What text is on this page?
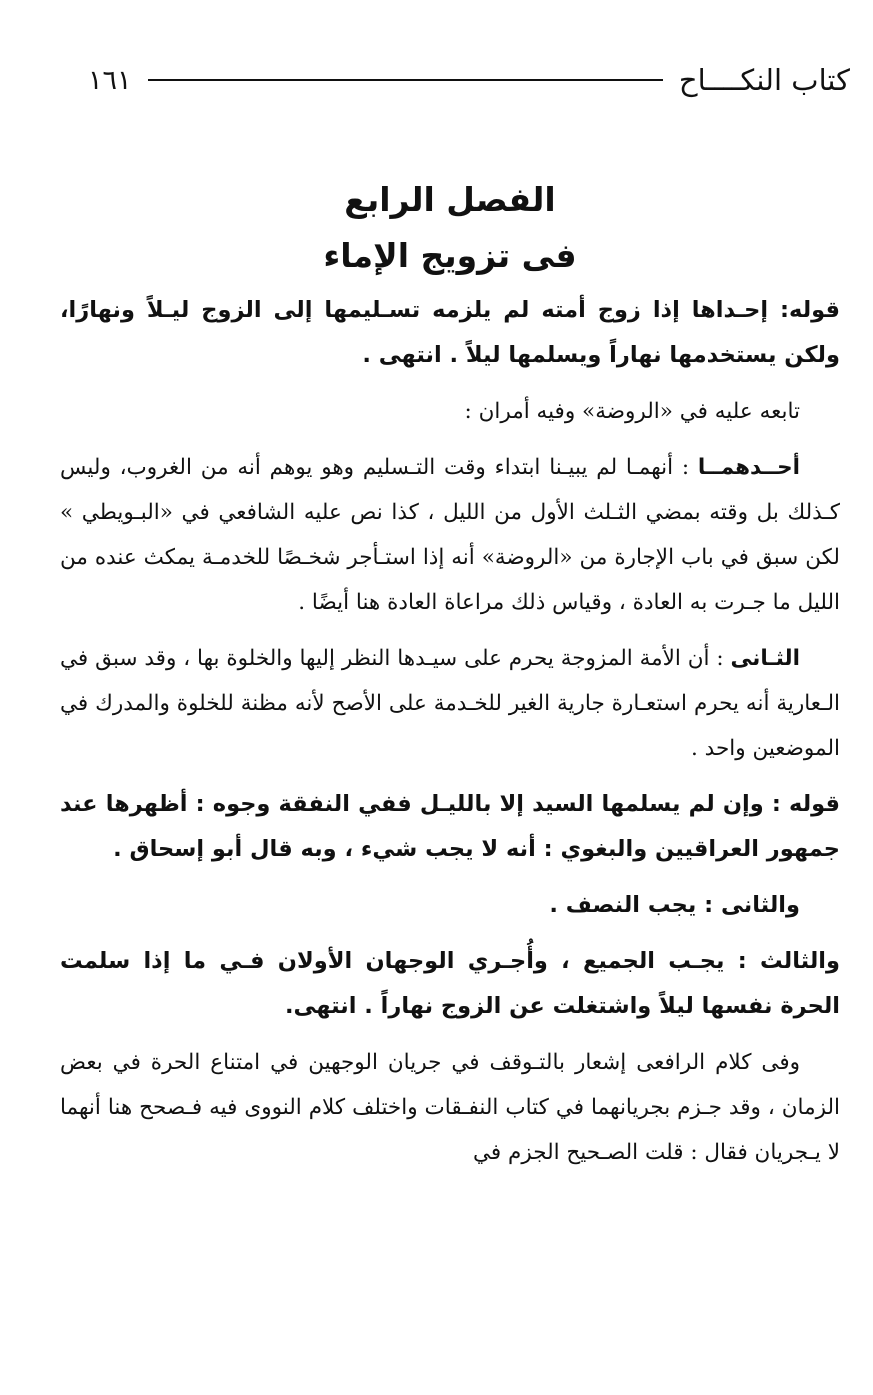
كتاب النكــــاح
١٦١
الفصل الرابع
فى تزويج الإماء

قوله: إحـداها إذا زوج أمته لم يلزمه تسـليمها إلى الزوج ليـلاً ونهارًا، ولكن يستخدمها نهاراً ويسلمها ليلاً . انتهى .

تابعه عليه في «الروضة» وفيه أمران :

أحــدهمــا : أنهمـا لم يبيـنا ابتداء وقت التـسليم وهو يوهم أنه من الغروب، وليس كـذلك بل وقته بمضي الثـلث الأول من الليل ، كذا نص عليه الشافعي في «البـويطي » لكن سبق في باب الإجارة من «الروضة» أنه إذا استـأجر شخـصًا للخدمـة يمكث عنده من الليل ما جـرت به العادة ، وقياس ذلك مراعاة العادة هنا أيضًا .

الثـانى : أن الأمة المزوجة يحرم على سيـدها النظر إليها والخلوة بها ، وقد سبق في الـعارية أنه يحرم استعـارة جارية الغير للخـدمة على الأصح لأنه مظنة للخلوة والمدرك في الموضعين واحد .

قوله : وإن لم يسلمها السيد إلا بالليـل ففي النفقة وجوه : أظهرها عند جمهور العراقيين والبغوي : أنه لا يجب شيء ، وبه قال أبو إسحاق .

والثانى : يجب النصف .

والثالث : يجـب الجميع ، وأُجـري الوجهان الأولان فـي ما إذا سلمت الحرة نفسها ليلاً واشتغلت عن الزوج نهاراً . انتهى.

وفى كلام الرافعى إشعار بالتـوقف في جريان الوجهين في امتناع الحرة في بعض الزمان ، وقد جـزم بجريانهما في كتاب النفـقات واختلف كلام النووى فيه فـصحح هنا أنهما لا يـجريان فقال : قلت الصـحيح الجزم في
